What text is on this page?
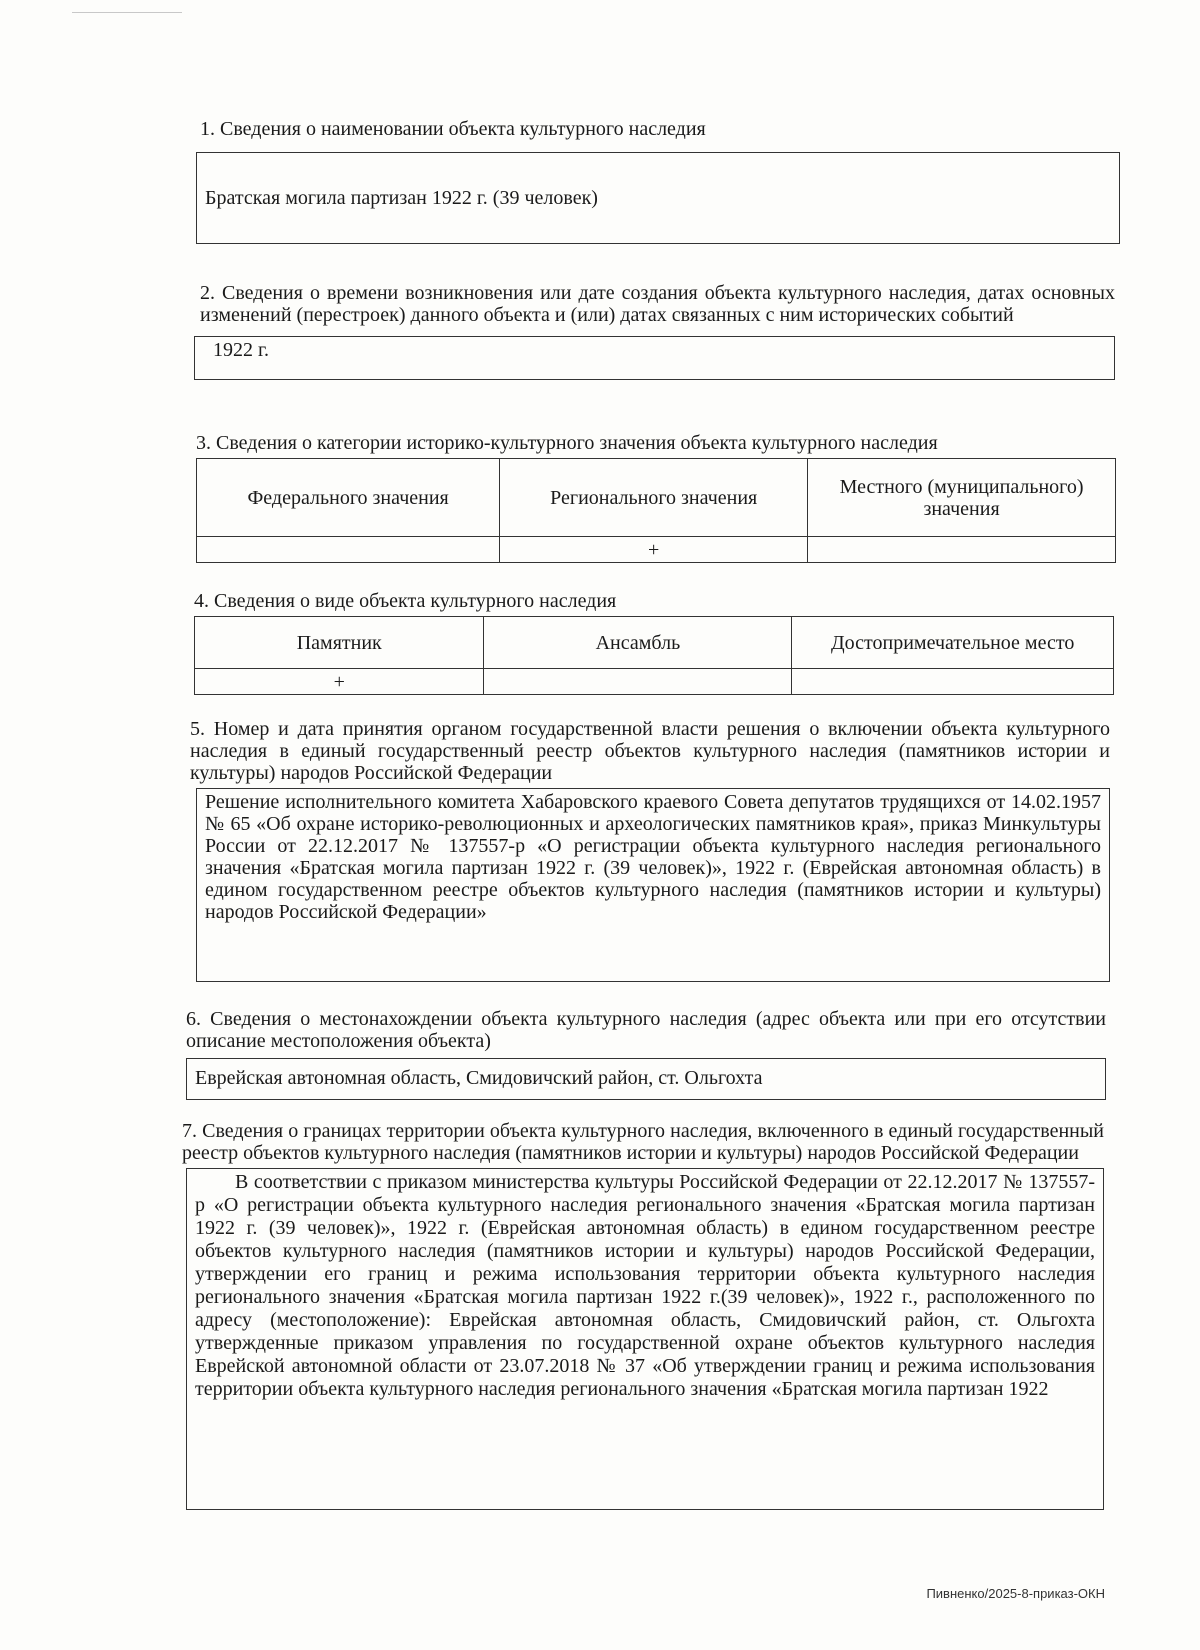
1. Сведения о наименовании объекта культурного наследия
Братская могила партизан 1922 г. (39 человек)
2. Сведения о времени возникновения или дате создания объекта культурного наследия, датах основных изменений (перестроек) данного объекта и (или) датах связанных с ним исторических событий
1922 г.
3. Сведения о категории историко-культурного значения объекта культурного наследия
Федерального значения	Регионального значения	Местного (муниципального) значения
	+	
4. Сведения о виде объекта культурного наследия
Памятник	Ансамбль	Достопримечательное место
+		
5. Номер и дата принятия органом государственной власти решения о включении объекта культурного наследия в единый государственный реестр объектов культурного наследия (памятников истории и культуры) народов Российской Федерации
Решение исполнительного комитета Хабаровского краевого Совета депутатов трудящихся от 14.02.1957 № 65 «Об охране историко-революционных и археологических памятников края», приказ Минкультуры России от 22.12.2017 № 137557-р «О регистрации объекта культурного наследия регионального значения «Братская могила партизан 1922 г. (39 человек)», 1922 г. (Еврейская автономная область) в едином государственном реестре объектов культурного наследия (памятников истории и культуры) народов Российской Федерации»
6. Сведения о местонахождении объекта культурного наследия (адрес объекта или при его отсутствии описание местоположения объекта)
Еврейская автономная область, Смидовичский район, ст. Ольгохта
7. Сведения о границах территории объекта культурного наследия, включенного в единый государственный реестр объектов культурного наследия (памятников истории и культуры) народов Российской Федерации
В соответствии с приказом министерства культуры Российской Федерации от 22.12.2017 № 137557-р «О регистрации объекта культурного наследия регионального значения «Братская могила партизан 1922 г. (39 человек)», 1922 г. (Еврейская автономная область) в едином государственном реестре объектов культурного наследия (памятников истории и культуры) народов Российской Федерации, утверждении его границ и режима использования территории объекта культурного наследия регионального значения «Братская могила партизан 1922 г.(39 человек)», 1922 г., расположенного по адресу (местоположение): Еврейская автономная область, Смидовичский район, ст. Ольгохта утвержденные приказом управления по государственной охране объектов культурного наследия Еврейской автономной области от 23.07.2018 № 37 «Об утверждении границ и режима использования территории объекта культурного наследия регионального значения «Братская могила партизан 1922
Пивненко/2025-8-приказ-ОКН
